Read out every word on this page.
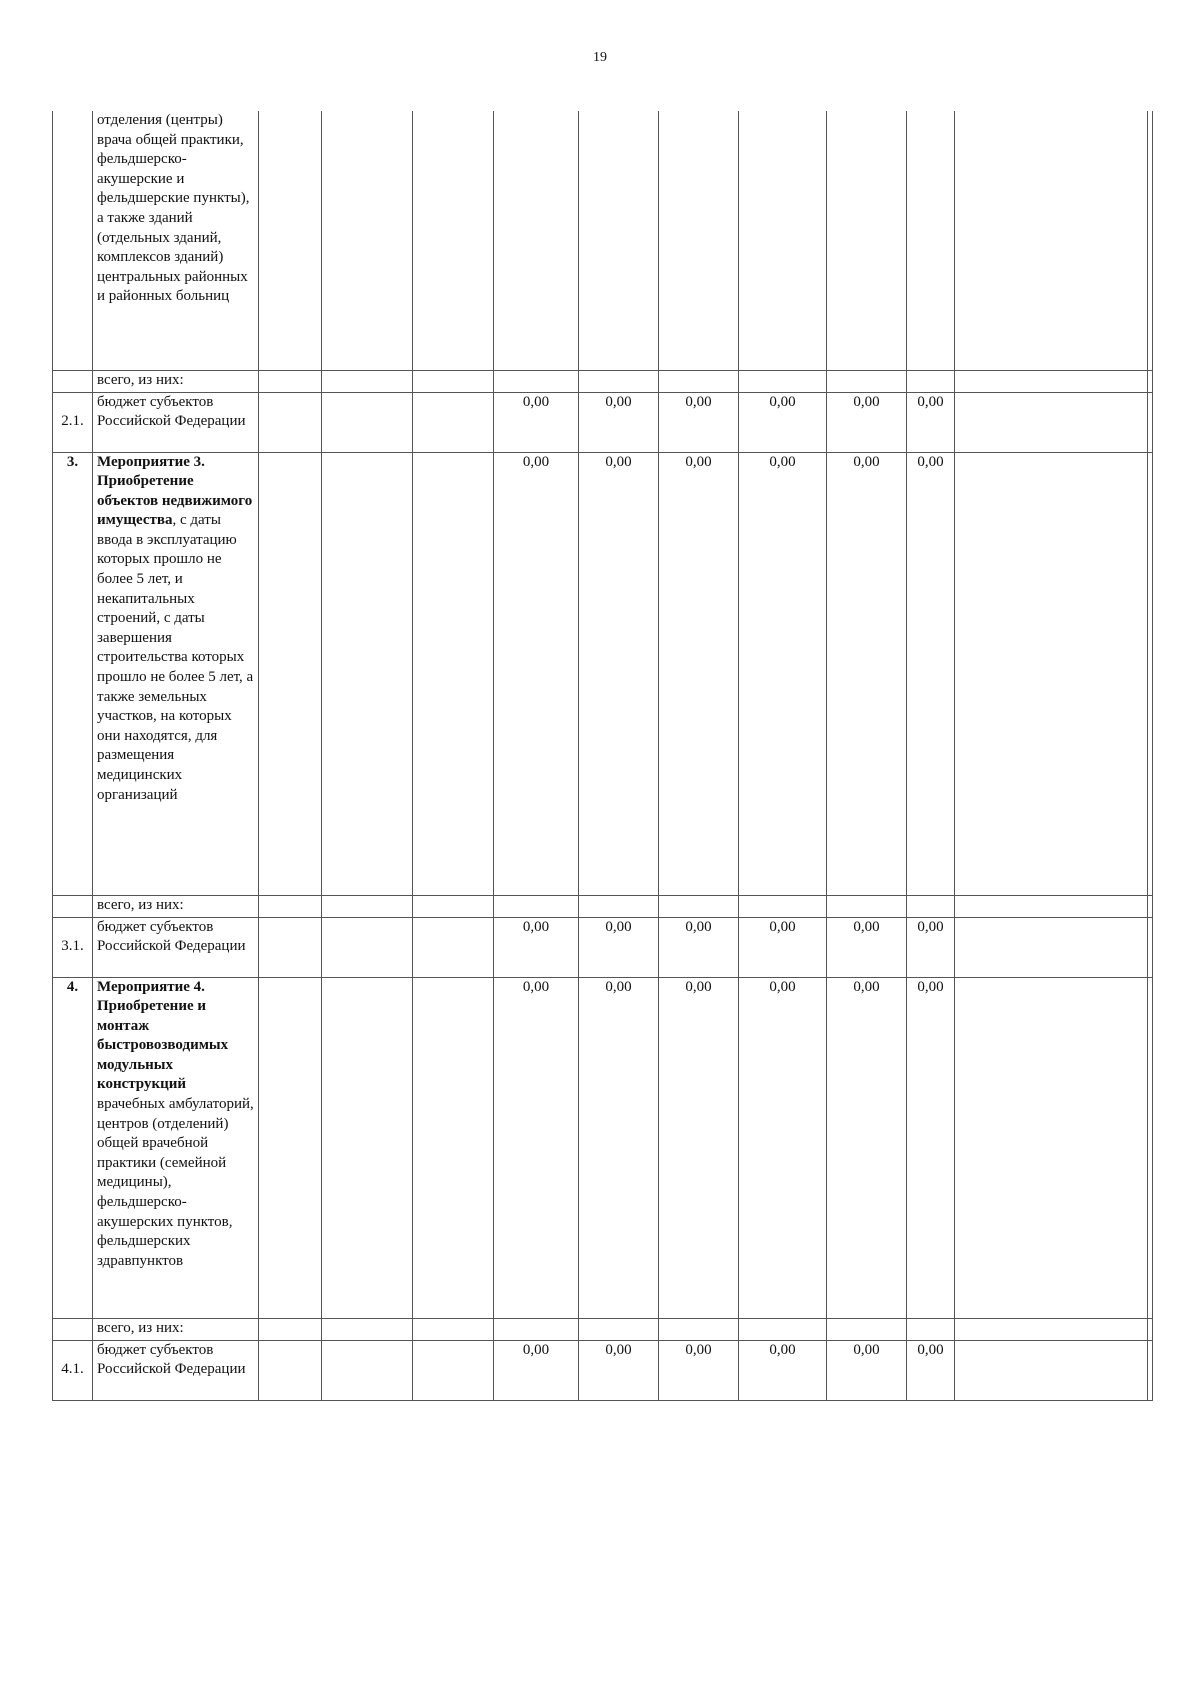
19
	отделения (центры) врача общей практики, фельдшерско-акушерские и фельдшерские пункты), а также зданий (отдельных зданий, комплексов зданий) центральных районных и районных больниц											
	всего, из них:											
2.1.	бюджет субъектов Российской Федерации				0,00	0,00	0,00	0,00	0,00	0,00		
3.	Мероприятие 3. Приобретение объектов недвижимого имущества, с даты ввода в эксплуатацию которых прошло не более 5 лет, и некапитальных строений, с даты завершения строительства которых прошло не более 5 лет, а также земельных участков, на которых они находятся, для размещения медицинских организаций				0,00	0,00	0,00	0,00	0,00	0,00		
	всего, из них:											
3.1.	бюджет субъектов Российской Федерации				0,00	0,00	0,00	0,00	0,00	0,00		
4.	Мероприятие 4. Приобретение и монтаж быстровозводимых модульных конструкций врачебных амбулаторий, центров (отделений) общей врачебной практики (семейной медицины), фельдшерско-акушерских пунктов, фельдшерских здравпунктов				0,00	0,00	0,00	0,00	0,00	0,00		
	всего, из них:											
4.1.	бюджет субъектов Российской Федерации				0,00	0,00	0,00	0,00	0,00	0,00		
